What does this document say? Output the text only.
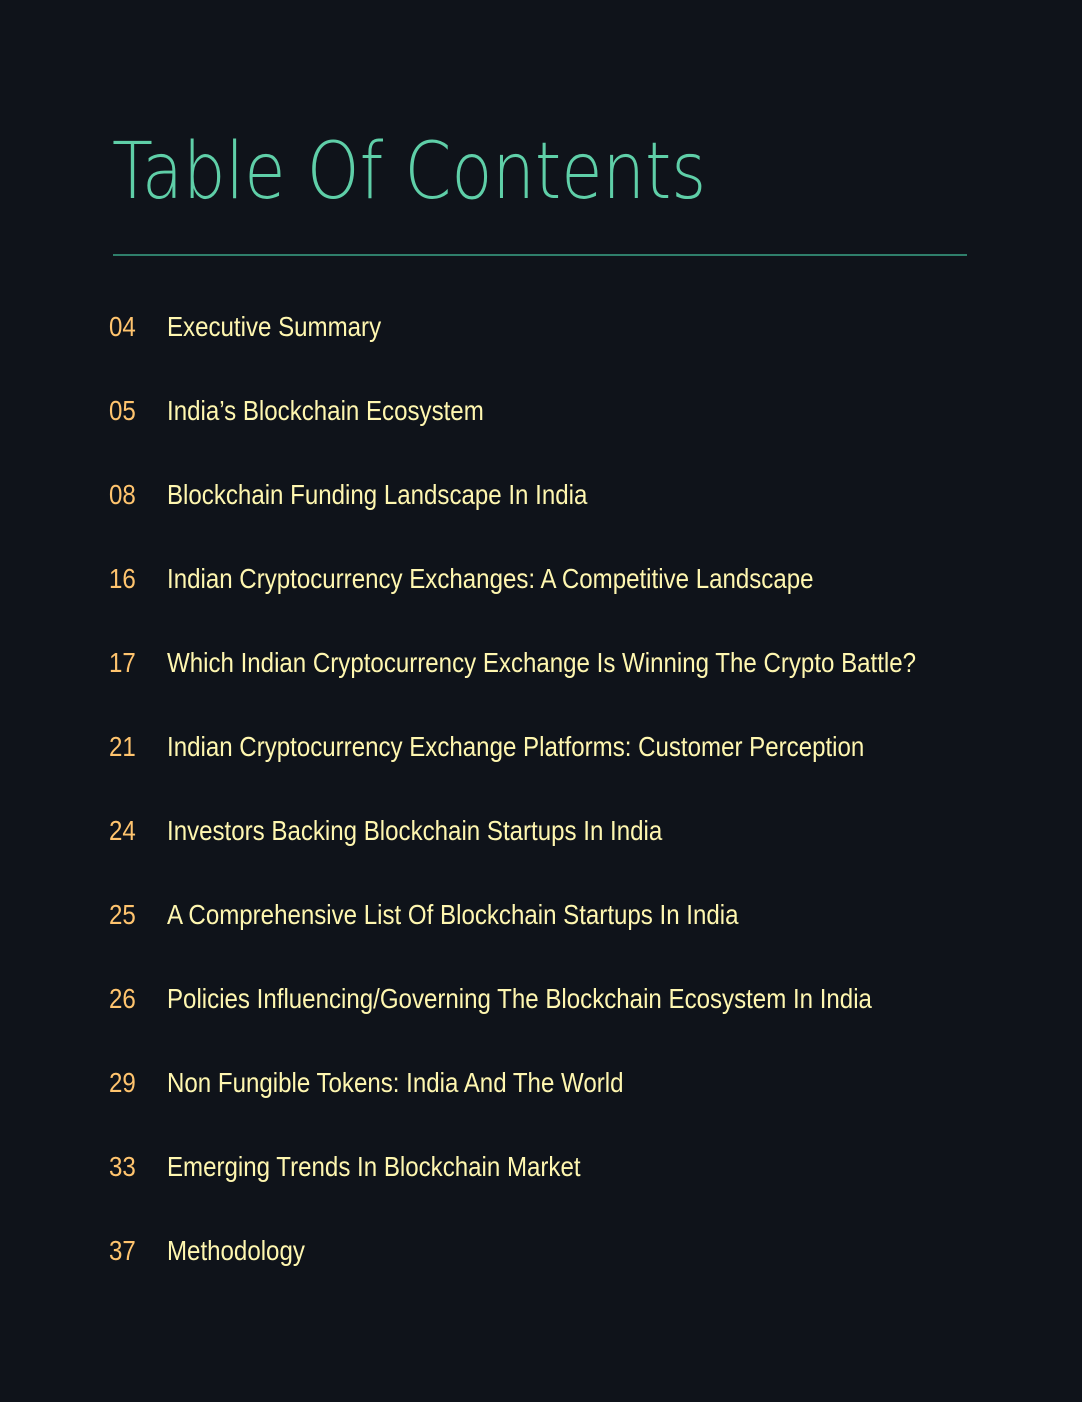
Table Of Contents
04	Executive Summary
05	India’s Blockchain Ecosystem
08	Blockchain Funding Landscape In India
16	Indian Cryptocurrency Exchanges: A Competitive Landscape
17	Which Indian Cryptocurrency Exchange Is Winning The Crypto Battle?
21	Indian Cryptocurrency Exchange Platforms: Customer Perception
24	Investors Backing Blockchain Startups In India
25	A Comprehensive List Of Blockchain Startups In India
26	Policies Influencing/Governing The Blockchain Ecosystem In India
29	Non Fungible Tokens: India And The World
33	Emerging Trends In Blockchain Market
37	Methodology
